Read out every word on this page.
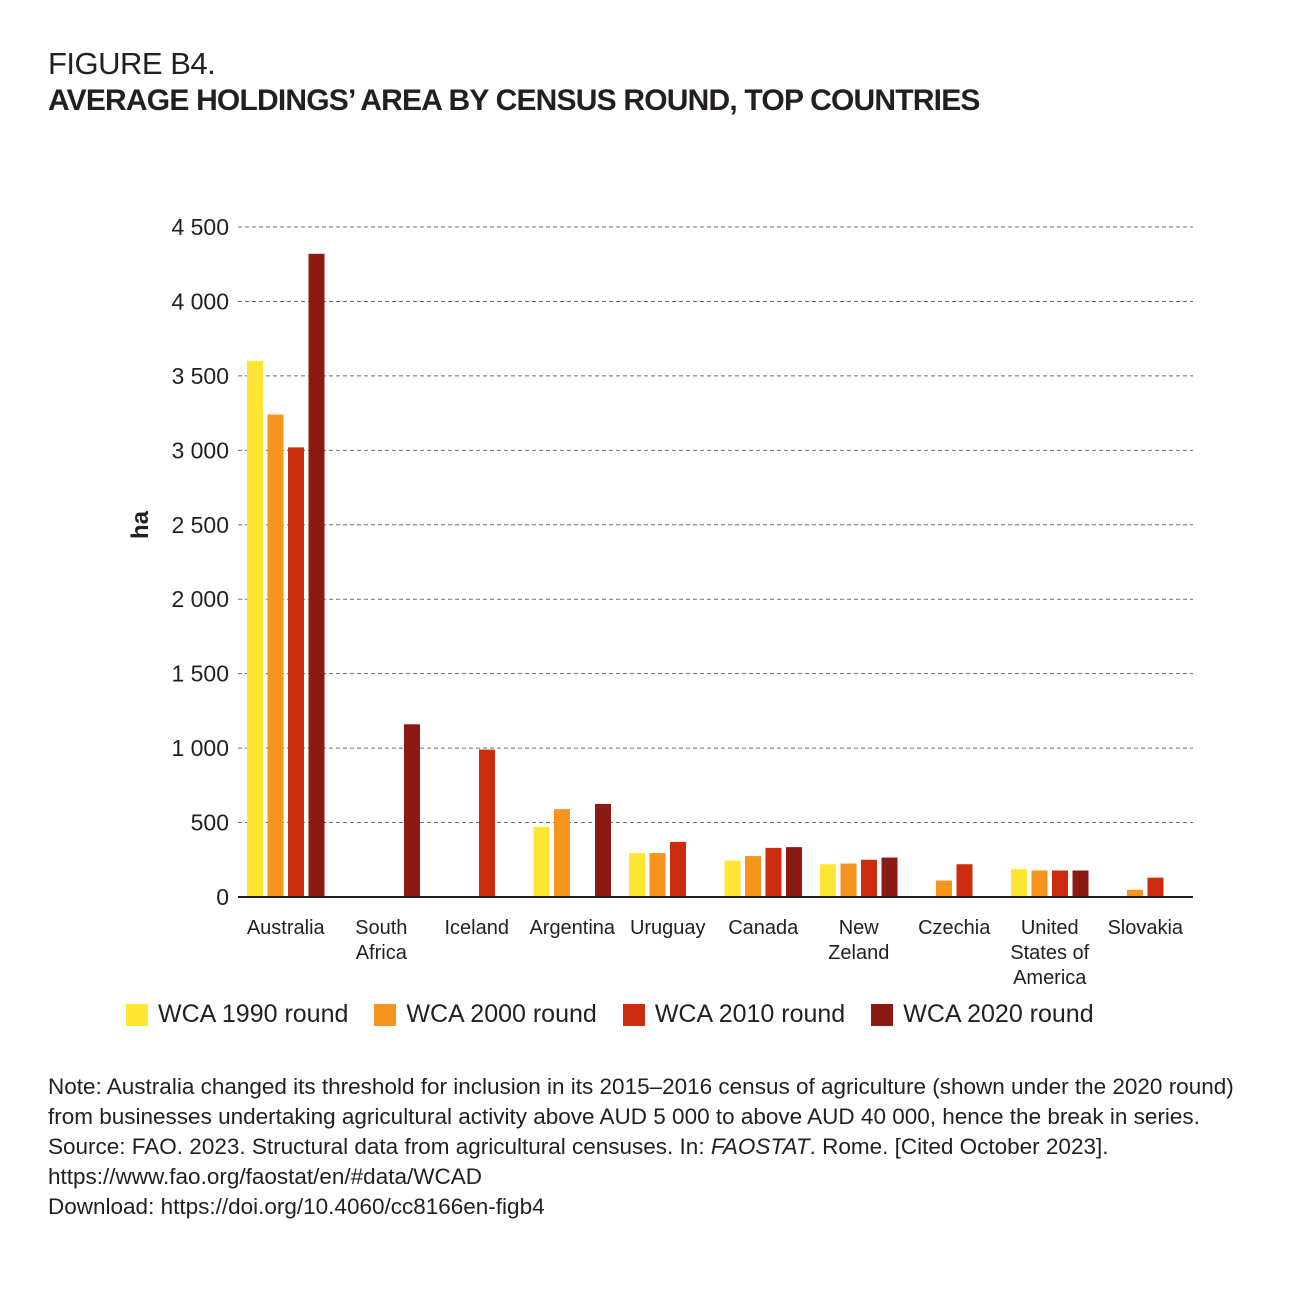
FIGURE B4.
AVERAGE HOLDINGS’ AREA BY CENSUS ROUND, TOP COUNTRIES
0
500
1 000
1 500
2 000
2 500
3 000
3 500
4 000
4 500
ha
Australia South Africa
Iceland Argentina Uruguay Canada	New Zeland
Czechia	United States of America
Slovakia
WCA 1990 round WCA 2000 round WCA 2010 round WCA 2020 round
Note: Australia changed its threshold for inclusion in its 2015–2016 census of agriculture (shown under the 2020 round) from businesses undertaking agricultural activity above AUD 5 000 to above AUD 40 000, hence the break in series.
Source: FAO. 2023. Structural data from agricultural censuses. In: FAOSTAT. Rome. [Cited October 2023].
https://www.fao.org/faostat/en/#data/WCAD
Download: https://doi.org/10.4060/cc8166en-figb4
